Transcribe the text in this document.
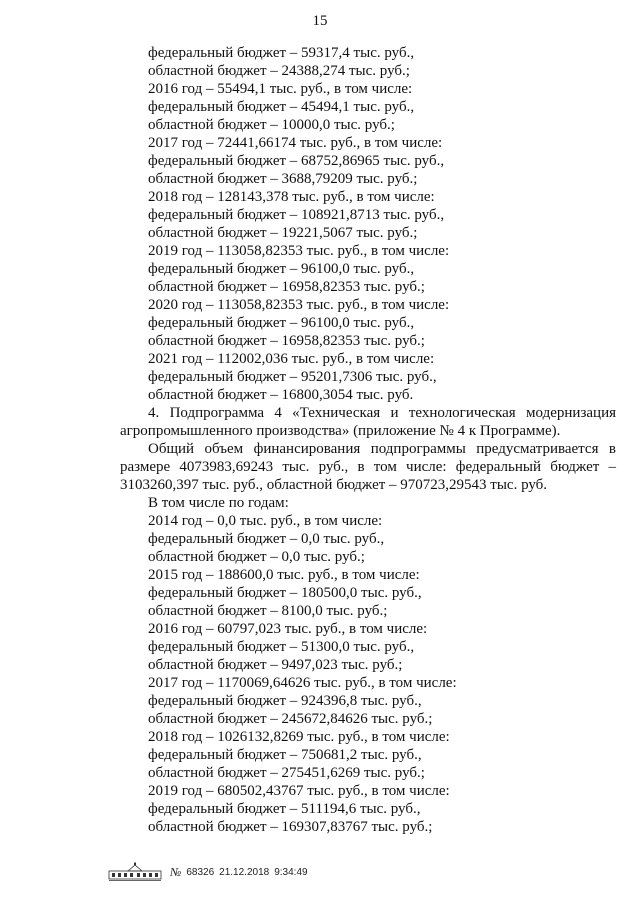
15
федеральный бюджет – 59317,4 тыс. руб.,
областной бюджет – 24388,274 тыс. руб.;
2016 год – 55494,1 тыс. руб., в том числе:
федеральный бюджет – 45494,1 тыс. руб.,
областной бюджет – 10000,0 тыс. руб.;
2017 год – 72441,66174 тыс. руб., в том числе:
федеральный бюджет – 68752,86965 тыс. руб.,
областной бюджет – 3688,79209 тыс. руб.;
2018 год – 128143,378 тыс. руб., в том числе:
федеральный бюджет – 108921,8713 тыс. руб.,
областной бюджет – 19221,5067 тыс. руб.;
2019 год – 113058,82353 тыс. руб., в том числе:
федеральный бюджет – 96100,0 тыс. руб.,
областной бюджет – 16958,82353 тыс. руб.;
2020 год – 113058,82353 тыс. руб., в том числе:
федеральный бюджет – 96100,0 тыс. руб.,
областной бюджет – 16958,82353 тыс. руб.;
2021 год – 112002,036 тыс. руб., в том числе:
федеральный бюджет – 95201,7306 тыс. руб.,
областной бюджет – 16800,3054 тыс. руб.
4. Подпрограмма 4 «Техническая и технологическая модернизация агропромышленного производства» (приложение № 4 к Программе).
Общий объем финансирования подпрограммы предусматривается в размере 4073983,69243 тыс. руб., в том числе: федеральный бюджет – 3103260,397 тыс. руб., областной бюджет – 970723,29543 тыс. руб.
В том числе по годам:
2014 год – 0,0 тыс. руб., в том числе:
федеральный бюджет – 0,0 тыс. руб.,
областной бюджет – 0,0 тыс. руб.;
2015 год – 188600,0 тыс. руб., в том числе:
федеральный бюджет – 180500,0 тыс. руб.,
областной бюджет – 8100,0 тыс. руб.;
2016 год – 60797,023 тыс. руб., в том числе:
федеральный бюджет – 51300,0 тыс. руб.,
областной бюджет – 9497,023 тыс. руб.;
2017 год – 1170069,64626 тыс. руб., в том числе:
федеральный бюджет – 924396,8 тыс. руб.,
областной бюджет – 245672,84626 тыс. руб.;
2018 год – 1026132,8269 тыс. руб., в том числе:
федеральный бюджет – 750681,2 тыс. руб.,
областной бюджет – 275451,6269 тыс. руб.;
2019 год – 680502,43767 тыс. руб., в том числе:
федеральный бюджет – 511194,6 тыс. руб.,
областной бюджет – 169307,83767 тыс. руб.;
№ 68326 21.12.2018 9:34:49
